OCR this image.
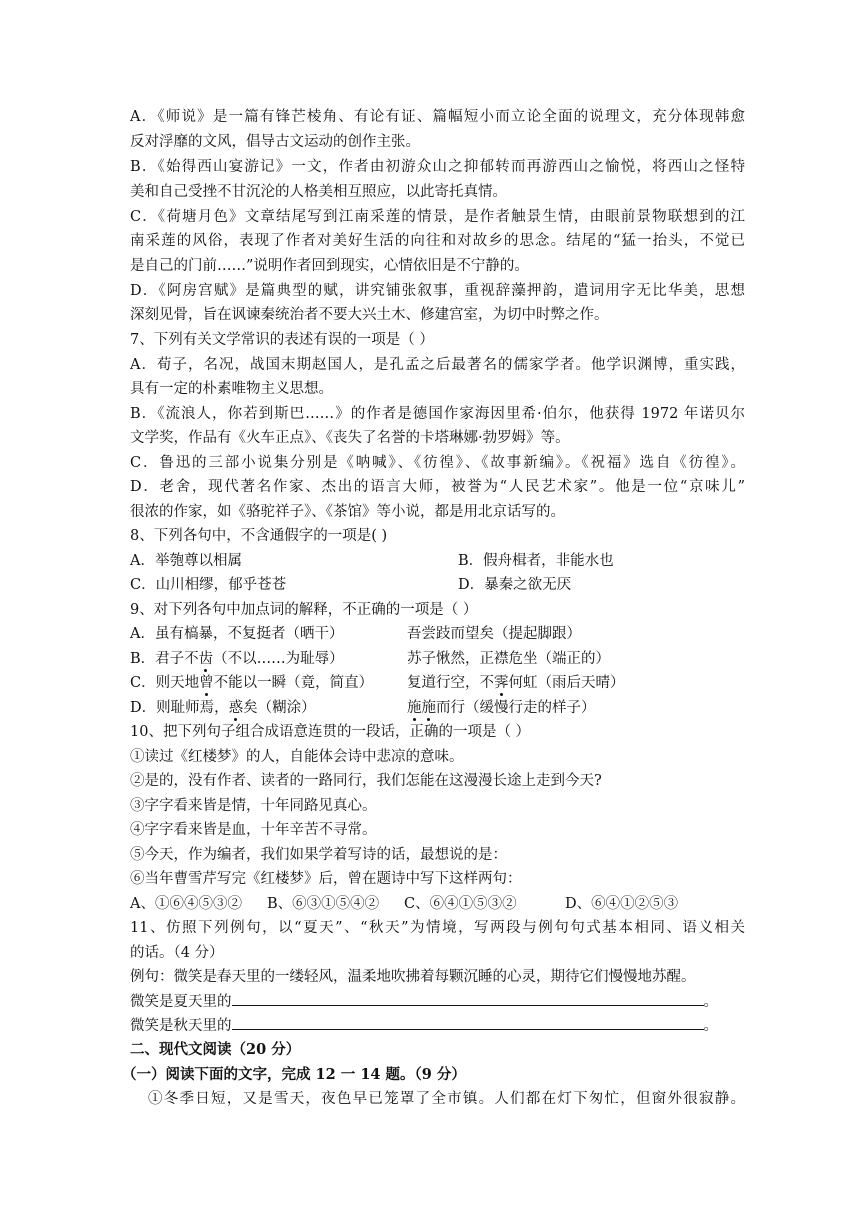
A．《师说》是一篇有锋芒棱角、有论有证、篇幅短小而立论全面的说理文，充分体现韩愈
反对浮靡的文风，倡导古文运动的创作主张。
B．《始得西山宴游记》一文，作者由初游众山之抑郁转而再游西山之愉悦，将西山之怪特
美和自己受挫不甘沉沦的人格美相互照应，以此寄托真情。
C．《荷塘月色》文章结尾写到江南采莲的情景，是作者触景生情，由眼前景物联想到的江
南采莲的风俗，表现了作者对美好生活的向往和对故乡的思念。结尾的“猛一抬头，不觉已
是自己的门前……”说明作者回到现实，心情依旧是不宁静的。
D．《阿房宫赋》是篇典型的赋，讲究铺张叙事，重视辞藻押韵，遣词用字无比华美，思想
深刻见骨，旨在讽谏秦统治者不要大兴土木、修建宫室，为切中时弊之作。
7、下列有关文学常识的表述有误的一项是（ ）
A．荀子，名况，战国末期赵国人，是孔孟之后最著名的儒家学者。他学识渊博，重实践，
具有一定的朴素唯物主义思想。
B．《流浪人，你若到斯巴……》的作者是德国作家海因里希·伯尔，他获得 1972 年诺贝尔
文学奖，作品有《火车正点》、《丧失了名誉的卡塔琳娜·勃罗姆》等。
C．鲁迅的三部小说集分别是《呐喊》、《彷徨》、《故事新编》。《祝福》选自《彷徨》。
D．老舍，现代著名作家、杰出的语言大师，被誉为“人民艺术家”。他是一位“京味儿”
很浓的作家，如《骆驼祥子》、《茶馆》等小说，都是用北京话写的。
8、下列各句中，不含通假字的一项是( )
A．举匏尊以相属	B．假舟楫者，非能水也
C．山川相缪，郁乎苍苍	D．暴秦之欲无厌
9、对下列各句中加点词的解释，不正确的一项是（ ）
A．虽有槁暴，不复挺者（晒干）	吾尝跂而望矣（提起脚跟）
B．君子不齿（不以……为耻辱）	苏子愀然，正襟危坐（端正的）
C．则天地曾不能以一瞬（竟，简直） 复道行空，不霁何虹（雨后天晴）
D．则耻师焉，惑矣（糊涂）	施施而行（缓慢行走的样子）
10、把下列句子组合成语意连贯的一段话，正确的一项是（ ）
①读过《红楼梦》的人，自能体会诗中悲凉的意味。
②是的，没有作者、读者的一路同行，我们怎能在这漫漫长途上走到今天?
③字字看来皆是情，十年同路见真心。
④字字看来皆是血，十年辛苦不寻常。
⑤今天，作为编者，我们如果学着写诗的话，最想说的是：
⑥当年曹雪芹写完《红楼梦》后，曾在题诗中写下这样两句：
A、①⑥④⑤③② B、⑥③①⑤④② C、⑥④①⑤③②	D、⑥④①②⑤③
11、仿照下列例句，以“夏天”、“秋天”为情境，写两段与例句句式基本相同、语义相关
的话。（4 分）
例句：微笑是春天里的一缕轻风，温柔地吹拂着每颗沉睡的心灵，期待它们慢慢地苏醒。
微笑是夏天里的	。
微笑是秋天里的	。
二、现代文阅读（20 分）
（一）阅读下面的文字，完成 12 一 14 题。（9 分）
①冬季日短，又是雪天，夜色早已笼罩了全市镇。人们都在灯下匆忙，但窗外很寂静。
